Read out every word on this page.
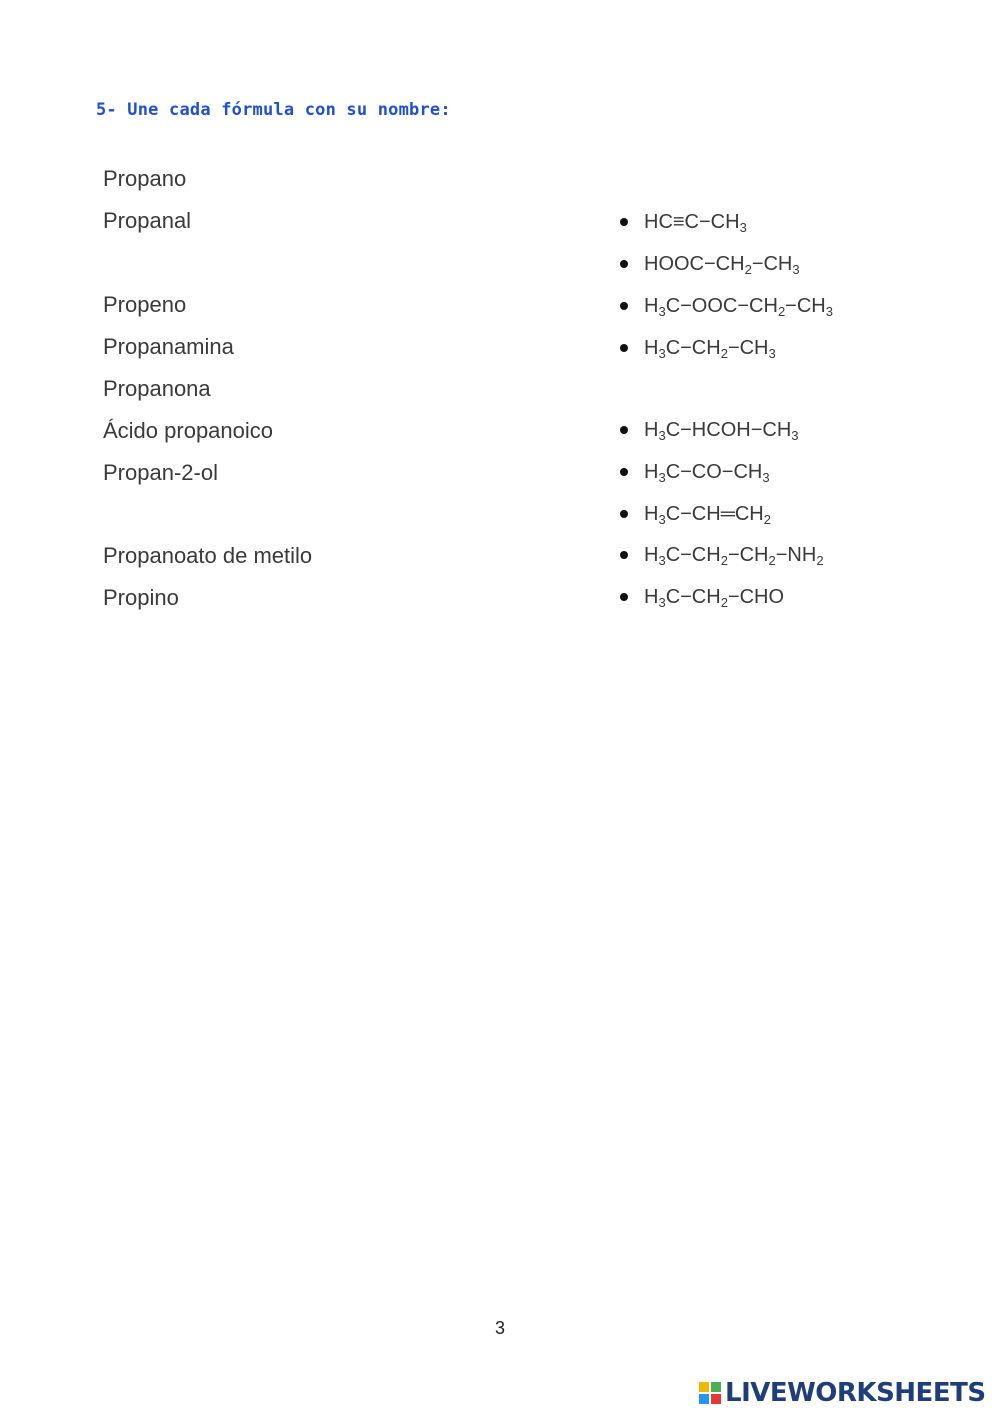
5- Une cada fórmula con su nombre:
Propano
Propanal
Propeno
Propanamina
Propanona
Ácido propanoico
Propan-2-ol
Propanoato de metilo
Propino
$HC\equiv C-CH_3$
$HOOC-CH_2-CH_3$
$H_3C-OOC-CH_2-CH_3$
$H_3C-CH_2-CH_3$
$H_3C-HCOH-CH_3$
$H_3C-CO-CH_3$
$H_3C-CH═CH_2$
$H_3C-CH_2-CH_2-NH_2$
$H_3C-CH_2-CHO$
3
LIVEWORKSHEETS
